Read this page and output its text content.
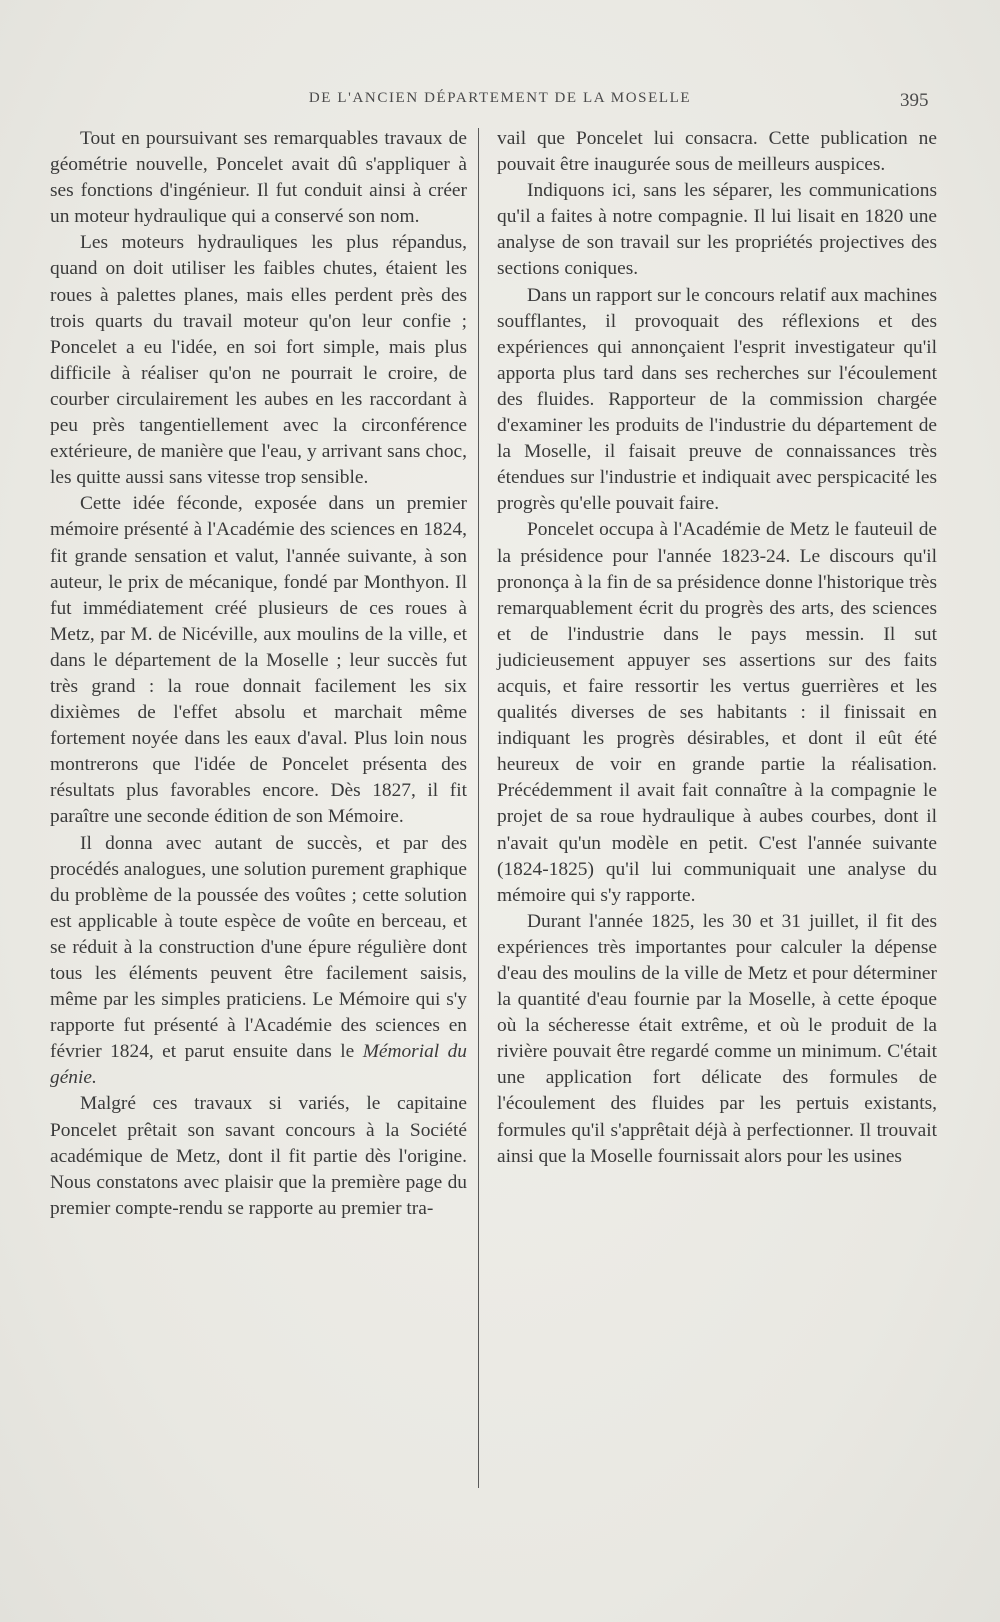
DE L'ANCIEN DÉPARTEMENT DE LA MOSELLE	395

Tout en poursuivant ses remarquables travaux de géométrie nouvelle, Poncelet avait dû s'appliquer à ses fonctions d'ingénieur. Il fut conduit ainsi à créer un moteur hydraulique qui a conservé son nom.

Les moteurs hydrauliques les plus répandus, quand on doit utiliser les faibles chutes, étaient les roues à palettes planes, mais elles perdent près des trois quarts du travail moteur qu'on leur confie ; Poncelet a eu l'idée, en soi fort simple, mais plus difficile à réaliser qu'on ne pourrait le croire, de courber circulairement les aubes en les raccordant à peu près tangentiellement avec la circonférence extérieure, de manière que l'eau, y arrivant sans choc, les quitte aussi sans vitesse trop sensible.

Cette idée féconde, exposée dans un premier mémoire présenté à l'Académie des sciences en 1824, fit grande sensation et valut, l'année suivante, à son auteur, le prix de mécanique, fondé par Monthyon. Il fut immédiatement créé plusieurs de ces roues à Metz, par M. de Nicéville, aux moulins de la ville, et dans le département de la Moselle ; leur succès fut très grand : la roue donnait facilement les six dixièmes de l'effet absolu et marchait même fortement noyée dans les eaux d'aval. Plus loin nous montrerons que l'idée de Poncelet présenta des résultats plus favorables encore. Dès 1827, il fit paraître une seconde édition de son Mémoire.

Il donna avec autant de succès, et par des procédés analogues, une solution purement graphique du problème de la poussée des voûtes ; cette solution est applicable à toute espèce de voûte en berceau, et se réduit à la construction d'une épure régulière dont tous les éléments peuvent être facilement saisis, même par les simples praticiens. Le Mémoire qui s'y rapporte fut présenté à l'Académie des sciences en février 1824, et parut ensuite dans le Mémorial du génie.

Malgré ces travaux si variés, le capitaine Poncelet prêtait son savant concours à la Société académique de Metz, dont il fit partie dès l'origine. Nous constatons avec plaisir que la première page du premier compte-rendu se rapporte au premier tra-

vail que Poncelet lui consacra. Cette publication ne pouvait être inaugurée sous de meilleurs auspices.

Indiquons ici, sans les séparer, les communications qu'il a faites à notre compagnie. Il lui lisait en 1820 une analyse de son travail sur les propriétés projectives des sections coniques.

Dans un rapport sur le concours relatif aux machines soufflantes, il provoquait des réflexions et des expériences qui annonçaient l'esprit investigateur qu'il apporta plus tard dans ses recherches sur l'écoulement des fluides. Rapporteur de la commission chargée d'examiner les produits de l'industrie du département de la Moselle, il faisait preuve de connaissances très étendues sur l'industrie et indiquait avec perspicacité les progrès qu'elle pouvait faire.

Poncelet occupa à l'Académie de Metz le fauteuil de la présidence pour l'année 1823-24. Le discours qu'il prononça à la fin de sa présidence donne l'historique très remarquablement écrit du progrès des arts, des sciences et de l'industrie dans le pays messin. Il sut judicieusement appuyer ses assertions sur des faits acquis, et faire ressortir les vertus guerrières et les qualités diverses de ses habitants : il finissait en indiquant les progrès désirables, et dont il eût été heureux de voir en grande partie la réalisation. Précédemment il avait fait connaître à la compagnie le projet de sa roue hydraulique à aubes courbes, dont il n'avait qu'un modèle en petit. C'est l'année suivante (1824-1825) qu'il lui communiquait une analyse du mémoire qui s'y rapporte.

Durant l'année 1825, les 30 et 31 juillet, il fit des expériences très importantes pour calculer la dépense d'eau des moulins de la ville de Metz et pour déterminer la quantité d'eau fournie par la Moselle, à cette époque où la sécheresse était extrême, et où le produit de la rivière pouvait être regardé comme un minimum. C'était une application fort délicate des formules de l'écoulement des fluides par les pertuis existants, formules qu'il s'apprêtait déjà à perfectionner. Il trouvait ainsi que la Moselle fournissait alors pour les usines
